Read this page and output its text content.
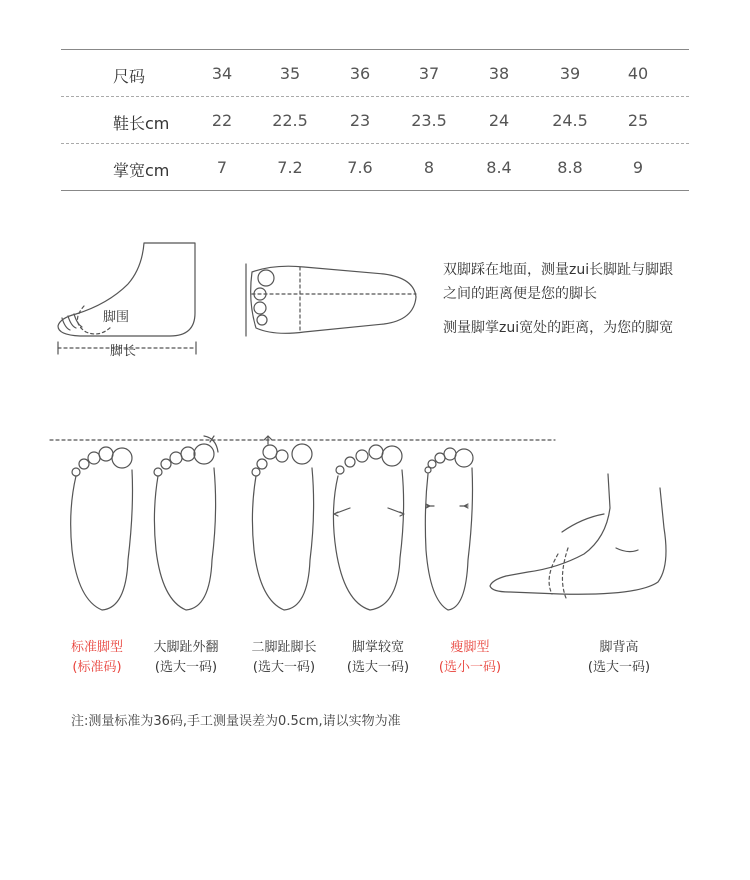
尺码	34	35	36	37	38	39	40
鞋长cm	22	22.5	23	23.5	24	24.5	25
掌宽cm	7	7.2	7.6	8	8.4	8.8	9
脚围
脚长
双脚踩在地面，测量zui长脚趾与脚跟
之间的距离便是您的脚长
测量脚掌zui宽处的距离，为您的脚宽
标准脚型
(标准码)
大脚趾外翻
(选大一码)
二脚趾脚长
(选大一码)
脚掌较宽
(选大一码)
瘦脚型
(选小一码)
脚背高
(选大一码)
注:测量标准为36码,手工测量误差为0.5cm,请以实物为准
